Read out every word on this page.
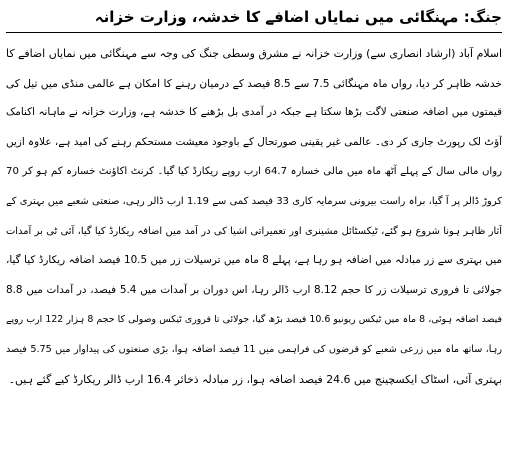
جنگ: مہنگائی میں نمایاں اضافے کا خدشہ، وزارت خزانہ
اسلام آباد (ارشاد انصاری سے) وزارت خزانہ نے مشرق وسطی جنگ کی وجہ سے مہنگائی میں نمایاں اضافے کا
خدشہ ظاہر کر دیا، رواں ماہ مہنگائی 7.5 سے 8.5 فیصد کے درمیان رہنے کا امکان ہے عالمی منڈی میں تیل کی
قیمتوں میں اضافہ صنعتی لاگت بڑھا سکتا ہے جبکہ در آمدی بل بڑھنے کا خدشہ ہے، وزارت خزانہ نے ماہانہ اکنامک
آؤٹ لک رپورٹ جاری کر دی۔ عالمی غیر یقینی صورتحال کے باوجود معیشت مستحکم رہنے کی امید ہے، علاوہ ازیں
رواں مالی سال کے پہلے آٹھ ماہ میں مالی خسارہ 64.7 ارب روپے ریکارڈ کیا گیا۔ کرنٹ اکاؤنٹ خسارہ کم ہو کر 70
کروڑ ڈالر پر آ گیا، براہ راست بیرونی سرمایہ کاری 33 فیصد کمی سے 1.19 ارب ڈالر رہی، صنعتی شعبے میں بہتری کے
آثار ظاہر ہونا شروع ہو گئے، ٹیکسٹائل مشینری اور تعمیراتی اشیا کی در آمد میں اضافہ ریکارڈ کیا گیا، آئی ٹی بر آمدات
میں بہتری سے زر مبادلہ میں اضافہ ہو رہا ہے، پہلے 8 ماہ میں ترسیلات زر میں 10.5 فیصد اضافہ ریکارڈ کیا گیا،
جولائی تا فروری ترسیلات زر کا حجم 8.12 ارب ڈالر رہا، اس دوران بر آمدات میں 5.4 فیصد، در آمدات میں 8.8
فیصد اضافہ ہوئی، 8 ماہ میں ٹیکس ریونیو 10.6 فیصد بڑھ گیا، جولائی تا فروری ٹیکس وصولی کا حجم 8 ہزار 122 ارب روپے
رہا، ساتھ ماہ میں زرعی شعبے کو قرضوں کی فراہمی میں 11 فیصد اضافہ ہوا، بڑی صنعتوں کی پیداوار میں 5.75 فیصد
بہتری آئی، اسٹاک ایکسچینج میں 24.6 فیصد اضافہ ہوا، زر مبادلہ ذخائر 16.4 ارب ڈالر ریکارڈ کیے گئے ہیں۔
